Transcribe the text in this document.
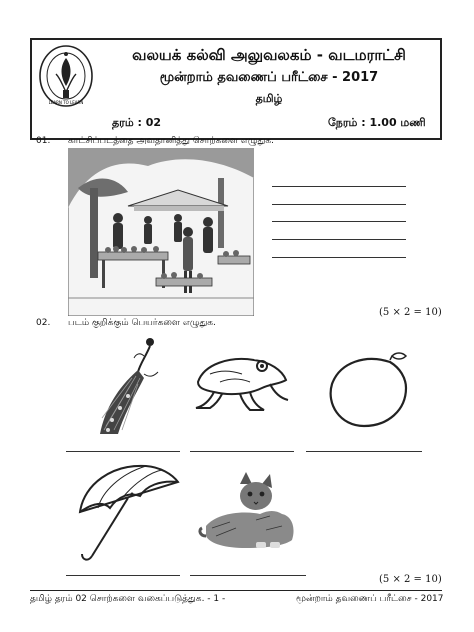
LEARN TO LEARN
வலயக் கல்வி அலுவலகம் - வடமராட்சி
மூன்றாம் தவணைப் பரீட்சை - 2017
தமிழ்
தரம் : 02	நேரம் : 1.00 மணி
01. காட்சிப்படத்தை அவதானித்து சொற்களை எழுதுக.
(5 × 2 = 10)
02. படம் குறிக்கும் பெயர்களை எழுதுக.
(5 × 2 = 10)
தமிழ் தரம் 02 சொற்களை வகைப்படுத்துக. - 1 -	மூன்றாம் தவணைப் பரீட்சை - 2017
